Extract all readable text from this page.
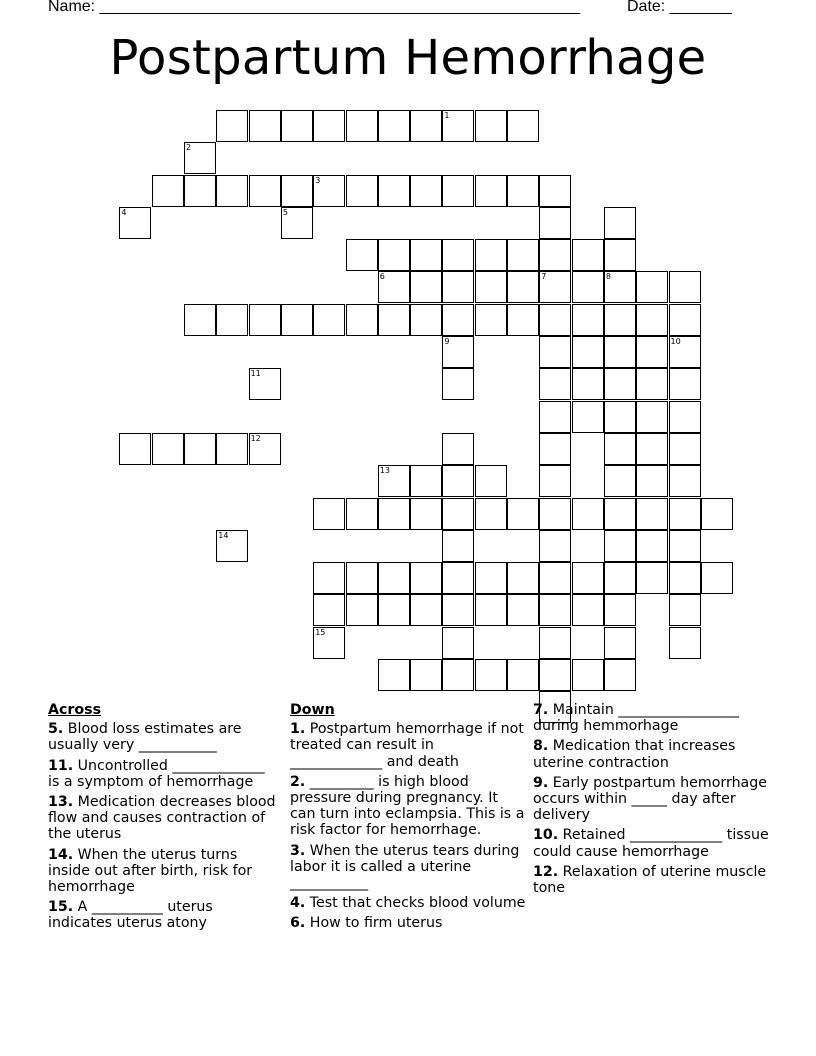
Name: ______________________________________________________	Date: _______
Postpartum Hemorrhage
1
2
3
4	5
6	7	8
9	10
11
12
13
14
15
Across
5. Blood loss estimates are usually very ___________
11. Uncontrolled _____________ is a symptom of hemorrhage
13. Medication decreases blood flow and causes contraction of the uterus
14. When the uterus turns inside out after birth, risk for hemorrhage
15. A __________ uterus indicates uterus atony
Down
1. Postpartum hemorrhage if not treated can result in _____________ and death
2. _________ is high blood pressure during pregnancy. It can turn into eclampsia. This is a risk factor for hemorrhage.
3. When the uterus tears during labor it is called a uterine ___________
4. Test that checks blood volume
6. How to firm uterus
7. Maintain _________________ during hemmorhage
8. Medication that increases uterine contraction
9. Early postpartum hemorrhage occurs within _____ day after delivery
10. Retained _____________ tissue could cause hemorrhage
12. Relaxation of uterine muscle tone
